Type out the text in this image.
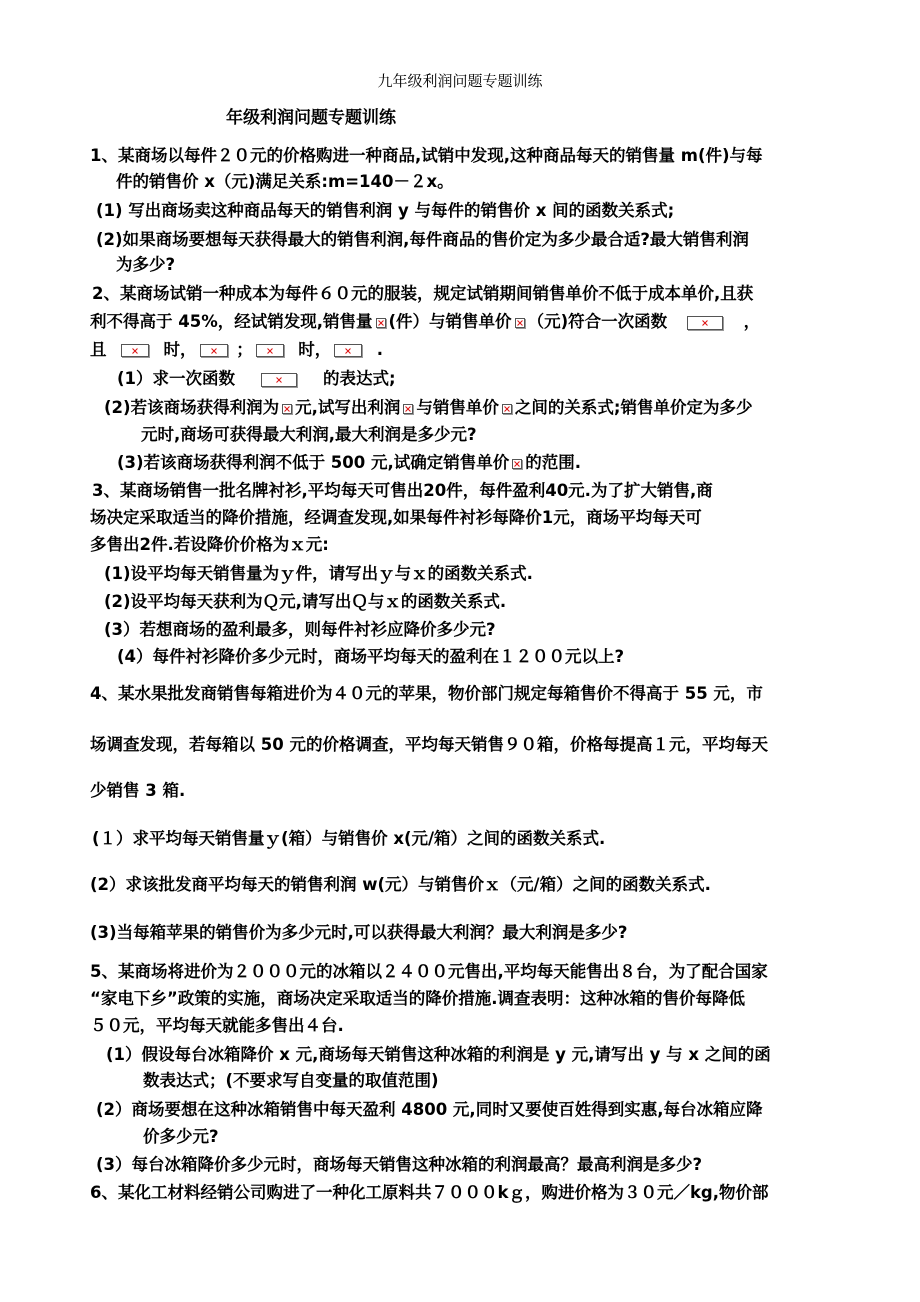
九年级利润问题专题训练
年级利润问题专题训练
1、某商场以每件２０元的价格购进一种商品,试销中发现,这种商品每天的销售量 m(件)与每
件的销售价 x（元)满足关系:m=140－２x。
(1) 写出商场卖这种商品每天的销售利润 y 与每件的销售价 x 间的函数关系式;
(2)如果商场要想每天获得最大的销售利润,每件商品的售价定为多少最合适?最大销售利润
为多少?
2、某商场试销一种成本为每件６０元的服装，规定试销期间销售单价不低于成本单价,且获
利不得高于 45%，经试销发现,销售量 (件）与销售单价 （元)符合一次函数	，
且	时， ；	时，	.
(1）求一次函数	的表达式;
(2)若该商场获得利润为 元,试写出利润 与销售单价 之间的关系式;销售单价定为多少
元时,商场可获得最大利润,最大利润是多少元?
(3)若该商场获得利润不低于 500 元,试确定销售单价 的范围.
3、某商场销售一批名牌衬衫,平均每天可售出20件，每件盈利40元.为了扩大销售,商
场决定采取适当的降价措施，经调查发现,如果每件衬衫每降价1元，商场平均每天可
多售出2件.若设降价价格为ｘ元:
(1)设平均每天销售量为ｙ件，请写出ｙ与ｘ的函数关系式.
(2)设平均每天获利为Ｑ元,请写出Ｑ与ｘ的函数关系式.
(3）若想商场的盈利最多，则每件衬衫应降价多少元?
(4）每件衬衫降价多少元时，商场平均每天的盈利在１２００元以上?
4、某水果批发商销售每箱进价为４０元的苹果，物价部门规定每箱售价不得高于 55 元，市
场调查发现，若每箱以 50 元的价格调查，平均每天销售９０箱，价格每提高１元，平均每天
少销售 3 箱.
(１）求平均每天销售量ｙ(箱）与销售价 x(元/箱）之间的函数关系式.
(2）求该批发商平均每天的销售利润 w(元）与销售价ｘ（元/箱）之间的函数关系式.
(3)当每箱苹果的销售价为多少元时,可以获得最大利润？最大利润是多少?
5、某商场将进价为２０００元的冰箱以２４００元售出,平均每天能售出８台，为了配合国家
“家电下乡”政策的实施，商场决定采取适当的降价措施.调查表明：这种冰箱的售价每降低
５０元，平均每天就能多售出４台.
(1）假设每台冰箱降价 x 元,商场每天销售这种冰箱的利润是 y 元,请写出 y 与 x 之间的函
数表达式；(不要求写自变量的取值范围)
(2）商场要想在这种冰箱销售中每天盈利 4800 元,同时又要使百姓得到实惠,每台冰箱应降
价多少元?
(3）每台冰箱降价多少元时，商场每天销售这种冰箱的利润最高？最高利润是多少?
6、某化工材料经销公司购进了一种化工原料共７０００kｇ，购进价格为３０元／kg,物价部
